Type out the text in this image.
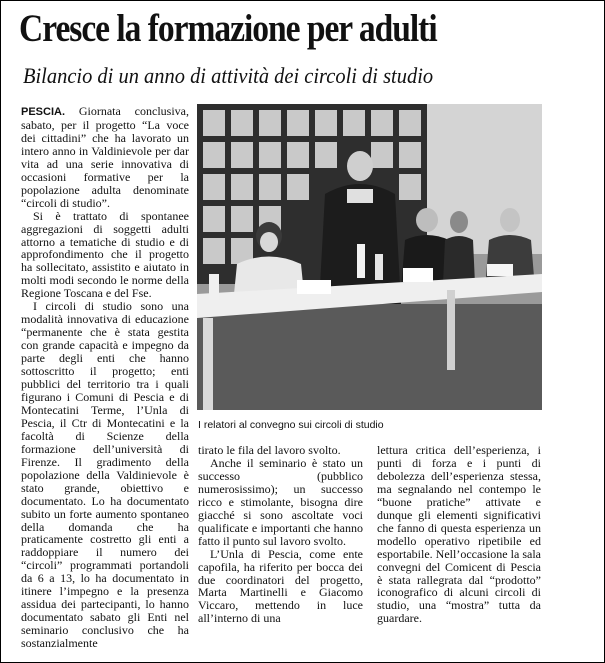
Cresce la formazione per adulti
Bilancio di un anno di attività dei circoli di studio

PESCIA. Giornata conclusiva, sabato, per il progetto “La voce dei cittadini” che ha lavorato un intero anno in Valdinievole per dar vita ad una serie innovativa di occasioni formative per la popolazione adulta denominate “circoli di studio”.

Si è trattato di spontanee aggregazioni di soggetti adulti attorno a tematiche di studio e di approfondimento che il progetto ha sollecitato, assistito e aiutato in molti modi secondo le norme della Regione Toscana e del Fse.

I circoli di studio sono una modalità innovativa di educazione “permanente che è stata gestita con grande capacità e impegno da parte degli enti che hanno sottoscritto il progetto; enti pubblici del territorio tra i quali figurano i Comuni di Pescia e di Montecatini Terme, l’Unla di Pescia, il Ctr di Montecatini e la facoltà di Scienze della formazione dell’università di Firenze. Il gradimento della popolazione della Valdinievole è stato grande, obiettivo e documentato. Lo ha documentato subito un forte aumento spontaneo della domanda che ha praticamente costretto gli enti a raddoppiare il numero dei “circoli” programmati portandoli da 6 a 13, lo ha documentato in itinere l’impegno e la presenza assidua dei partecipanti, lo hanno documentato sabato gli Enti nel seminario conclusivo che ha sostanzialmente

I relatori al convegno sui circoli di studio

tirato le fila del lavoro svolto.

Anche il seminario è stato un successo (pubblico numerosissimo); un successo ricco e stimolante, bisogna dire giacché si sono ascoltate voci qualificate e importanti che hanno fatto il punto sul lavoro svolto.

L’Unla di Pescia, come ente capofila, ha riferito per bocca dei due coordinatori del progetto, Marta Martinelli e Giacomo Viccaro, mettendo in luce all’interno di una

lettura critica dell’esperienza, i punti di forza e i punti di debolezza dell’esperienza stessa, ma segnalando nel contempo le “buone pratiche” attivate e dunque gli elementi significativi che fanno di questa esperienza un modello operativo ripetibile ed esportabile. Nell’occasione la sala convegni del Comicent di Pescia è stata rallegrata dal “prodotto” iconografico di alcuni circoli di studio, una “mostra” tutta da guardare.
